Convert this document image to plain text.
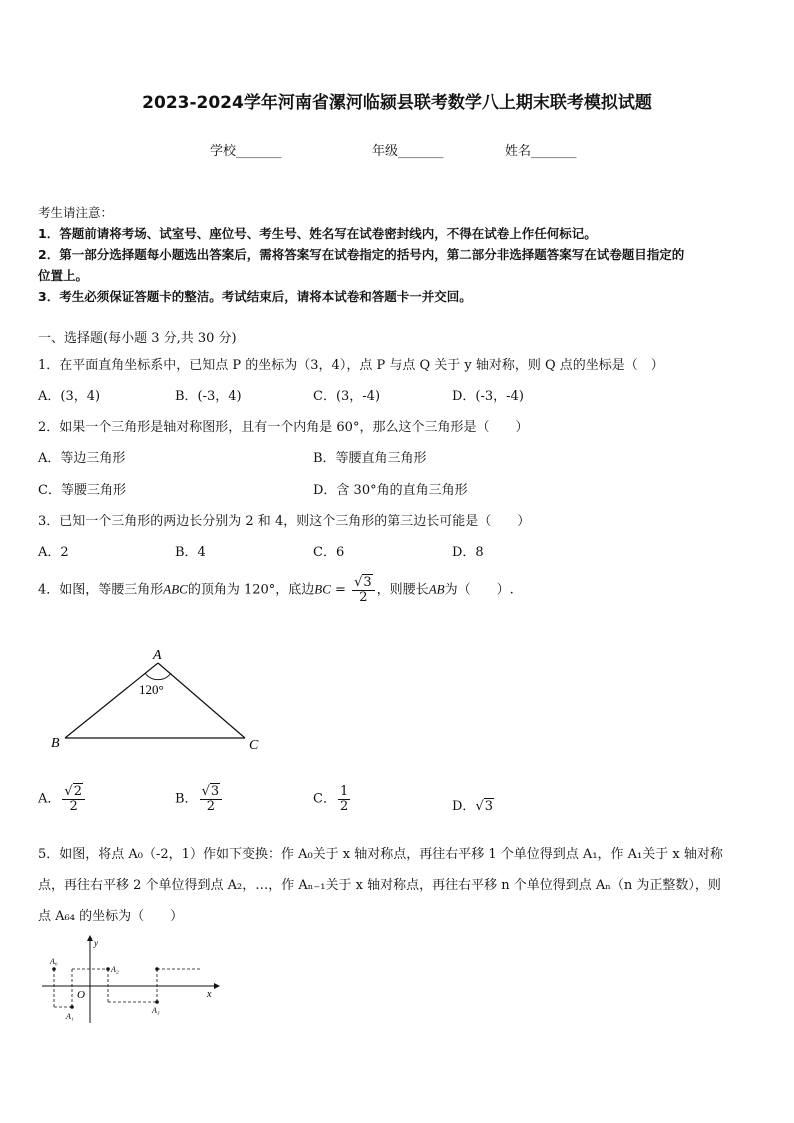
2023-2024学年河南省漯河临颍县联考数学八上期末联考模拟试题
学校_______	年级_______	姓名_______
考生请注意：
1．答题前请将考场、试室号、座位号、考生号、姓名写在试卷密封线内，不得在试卷上作任何标记。
2．第一部分选择题每小题选出答案后，需将答案写在试卷指定的括号内，第二部分非选择题答案写在试卷题目指定的
位置上。
3．考生必须保证答题卡的整洁。考试结束后，请将本试卷和答题卡一并交回。
一、选择题(每小题 3 分,共 30 分)
1．在平面直角坐标系中，已知点 P 的坐标为（3，4），点 P 与点 Q 关于 y 轴对称，则 Q 点的坐标是（　）
A．(3，4)	B．(-3，4)	C．(3，-4)	D．(-3，-4)
2．如果一个三角形是轴对称图形，且有一个内角是 60°，那么这个三角形是（　　）
A．等边三角形	B．等腰直角三角形
C．等腰三角形	D．含 30°角的直角三角形
3．已知一个三角形的两边长分别为 2 和 4，则这个三角形的第三边长可能是（　　）
A．2	B．4	C．6	D．8
4．如图，等腰三角形ABC的顶角为 120°，底边BC = $\frac{√3}{2}$ ，则腰长AB为（　　）.
A
B	C
120°
A． $\frac{√2}{2}$	B． $\frac{√3}{2}$	C． $\frac{1}{2}$	D．√3
5．如图，将点 A₀（-2，1）作如下变换：作 A₀关于 x 轴对称点，再往右平移 1 个单位得到点 A₁，作 A₁关于 x 轴对称
点，再往右平移 2 个单位得到点 A₂，…，作 Aₙ₋₁关于 x 轴对称点，再往右平移 n 个单位得到点 Aₙ（n 为正整数），则
点 A₆₄ 的坐标为（　　）
y
x
O
A₀
A₁
A₂
A₃
